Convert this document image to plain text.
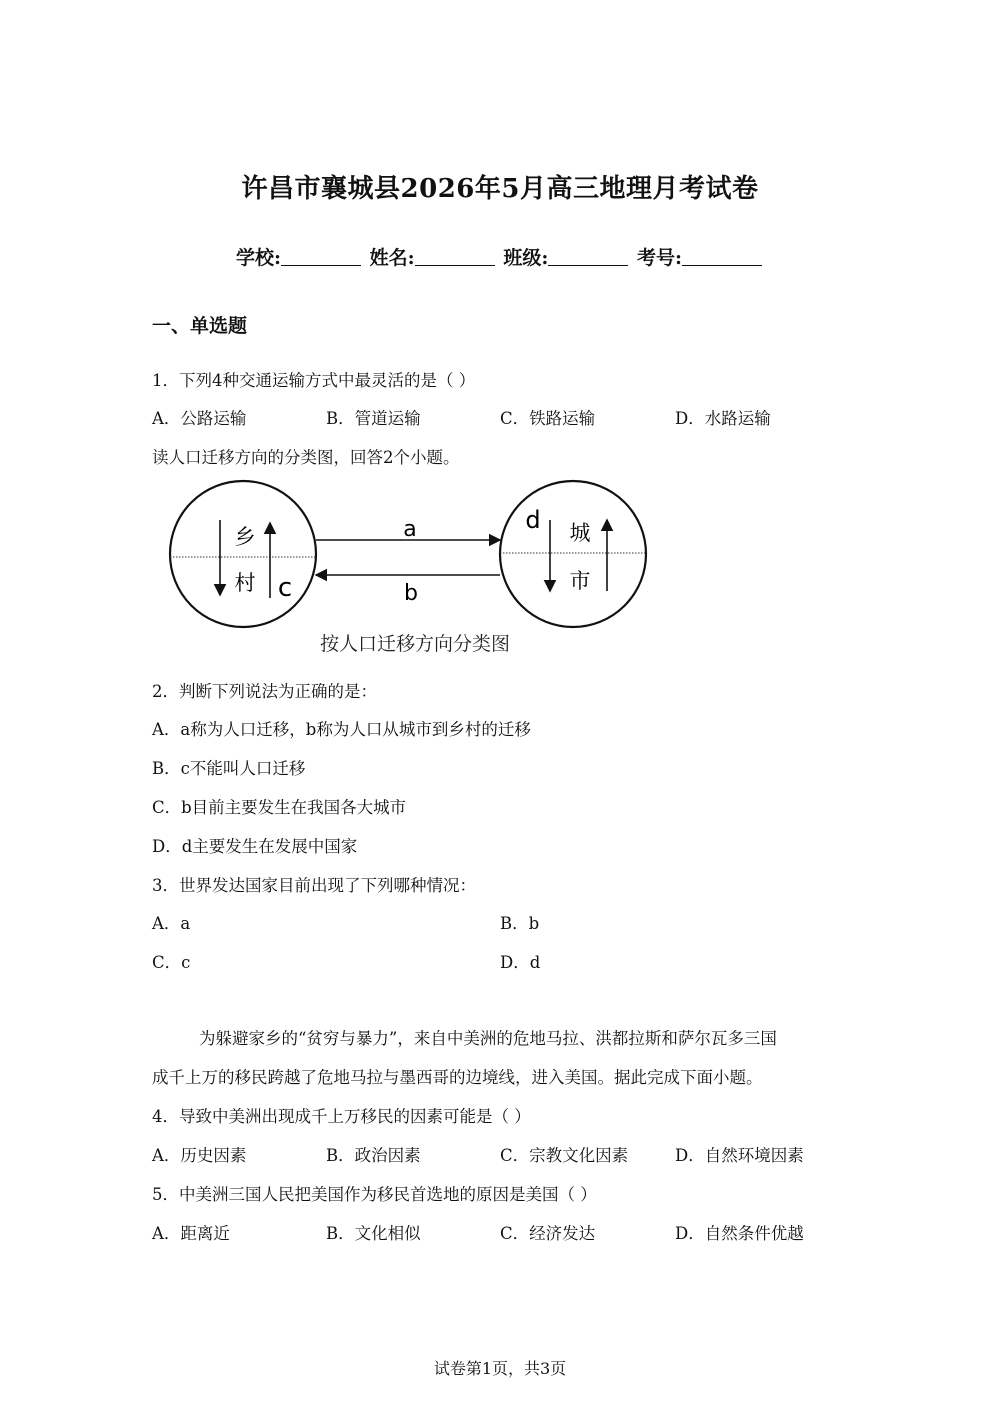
许昌市襄城县2026年5月高三地理月考试卷
学校:	姓名:	班级:	考号:
一、单选题
1．下列4种交通运输方式中最灵活的是（ ）
A．公路运输	B．管道运输	C．铁路运输	D．水路运输
读人口迁移方向的分类图，回答2个小题。
乡
村 c
d 城
市
a
b
按人口迁移方向分类图
2．判断下列说法为正确的是：
A．a称为人口迁移，b称为人口从城市到乡村的迁移
B．c不能叫人口迁移
C．b目前主要发生在我国各大城市
D．d主要发生在发展中国家
3．世界发达国家目前出现了下列哪种情况：
A．a	B．b
C．c	D．d
为躲避家乡的“贫穷与暴力”，来自中美洲的危地马拉、洪都拉斯和萨尔瓦多三国
成千上万的移民跨越了危地马拉与墨西哥的边境线，进入美国。据此完成下面小题。
4．导致中美洲出现成千上万移民的因素可能是（ ）
A．历史因素	B．政治因素	C．宗教文化因素	D．自然环境因素
5．中美洲三国人民把美国作为移民首选地的原因是美国（ ）
A．距离近	B．文化相似	C．经济发达	D．自然条件优越
试卷第1页，共3页
